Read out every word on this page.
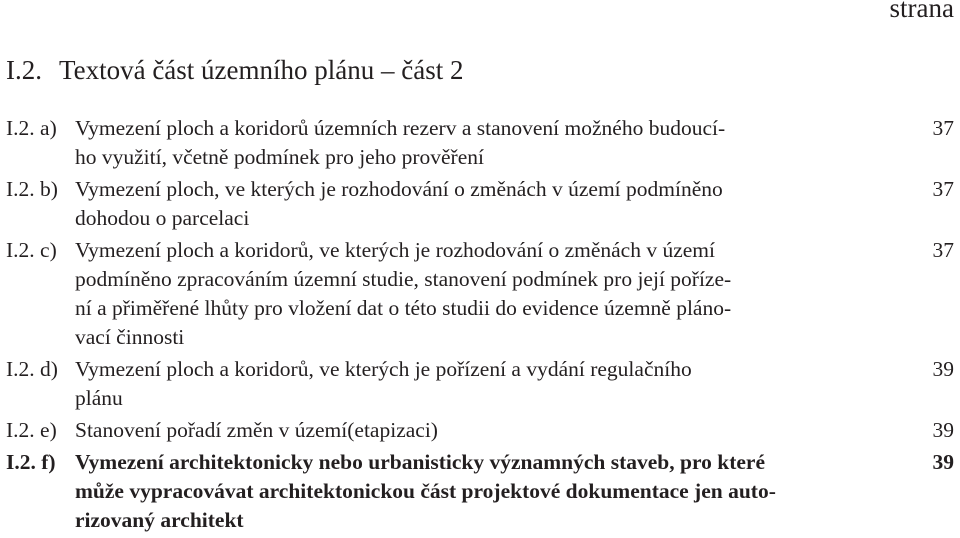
strana
I.2. Textová část územního plánu – část 2
I.2. a) Vymezení ploch a koridorů územních rezerv a stanovení možného budoucí-
ho využití, včetně podmínek pro jeho prověření
37
I.2. b) Vymezení ploch, ve kterých je rozhodování o změnách v území podmíněno
dohodou o parcelaci
37
I.2. c) Vymezení ploch a koridorů, ve kterých je rozhodování o změnách v území
podmíněno zpracováním územní studie, stanovení podmínek pro její poříze-
ní a přiměřené lhůty pro vložení dat o této studii do evidence územně pláno-
vací činnosti
37
I.2. d) Vymezení ploch a koridorů, ve kterých je pořízení a vydání regulačního
plánu
39
I.2. e) Stanovení pořadí změn v území(etapizaci)	39
I.2. f) Vymezení architektonicky nebo urbanisticky významných staveb, pro které
může vypracovávat architektonickou část projektové dokumentace jen auto-
rizovaný architekt
39
